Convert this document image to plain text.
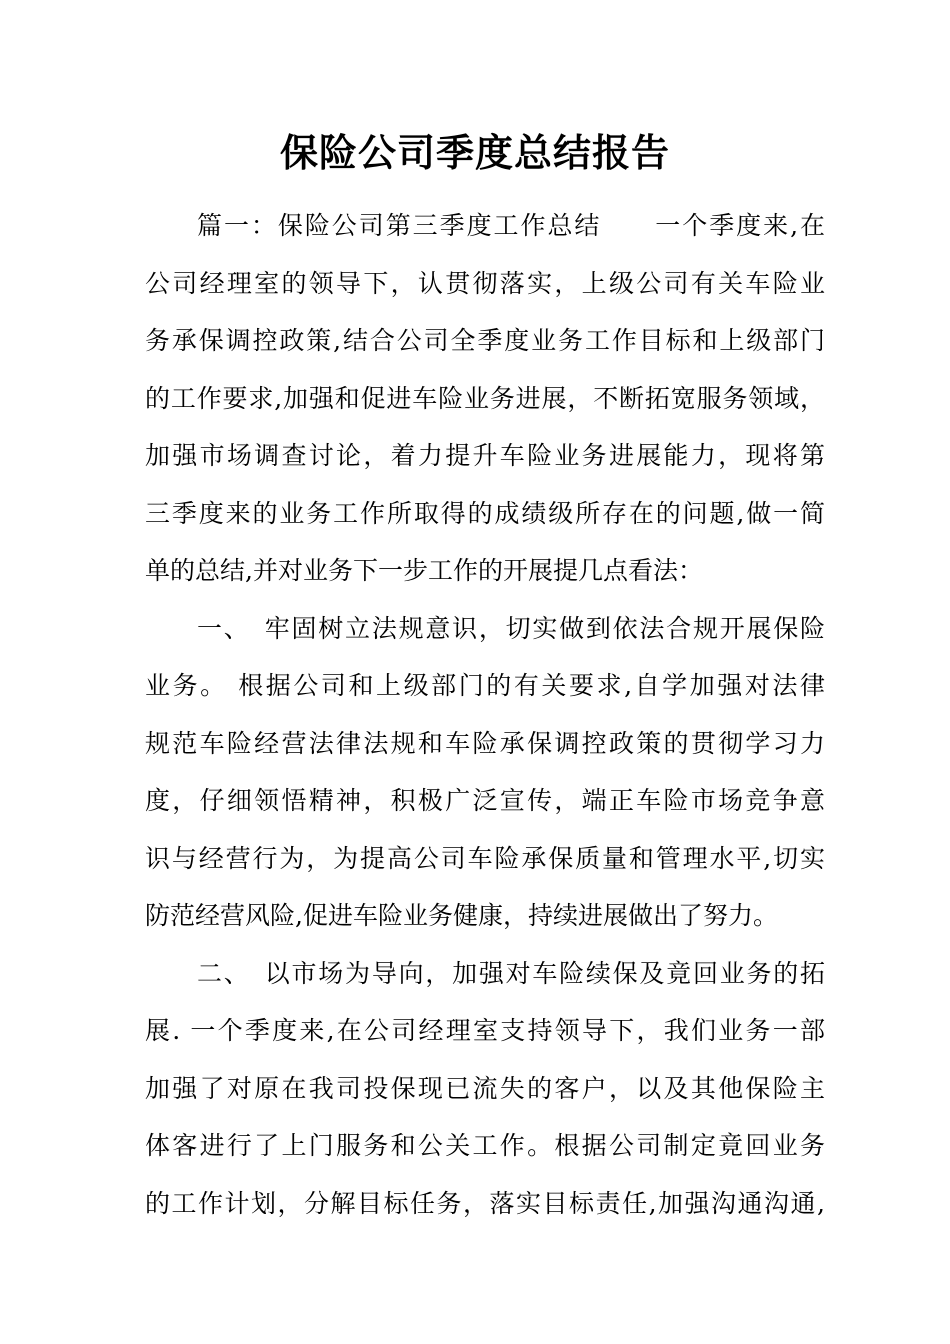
保险公司季度总结报告
篇一：保险公司第三季度工作总结　　一个季度来,在
公司经理室的领导下，认贯彻落实，上级公司有关车险业
务承保调控政策,结合公司全季度业务工作目标和上级部门
的工作要求,加强和促进车险业务进展，不断拓宽服务领域，
加强市场调查讨论，着力提升车险业务进展能力，现将第
三季度来的业务工作所取得的成绩级所存在的问题,做一简
单的总结,并对业务下一步工作的开展提几点看法：
一、　牢固树立法规意识，切实做到依法合规开展保险
业务。 根据公司和上级部门的有关要求,自学加强对法律
规范车险经营法律法规和车险承保调控政策的贯彻学习力
度，仔细领悟精神，积极广泛宣传，端正车险市场竞争意
识与经营行为，为提高公司车险承保质量和管理水平,切实
防范经营风险,促进车险业务健康，持续进展做出了努力。
二、　以市场为导向，加强对车险续保及竟回业务的拓
展. 一个季度来,在公司经理室支持领导下，我们业务一部
加强了对原在我司投保现已流失的客户，以及其他保险主
体客进行了上门服务和公关工作。根据公司制定竟回业务
的工作计划，分解目标任务，落实目标责任,加强沟通沟通,
